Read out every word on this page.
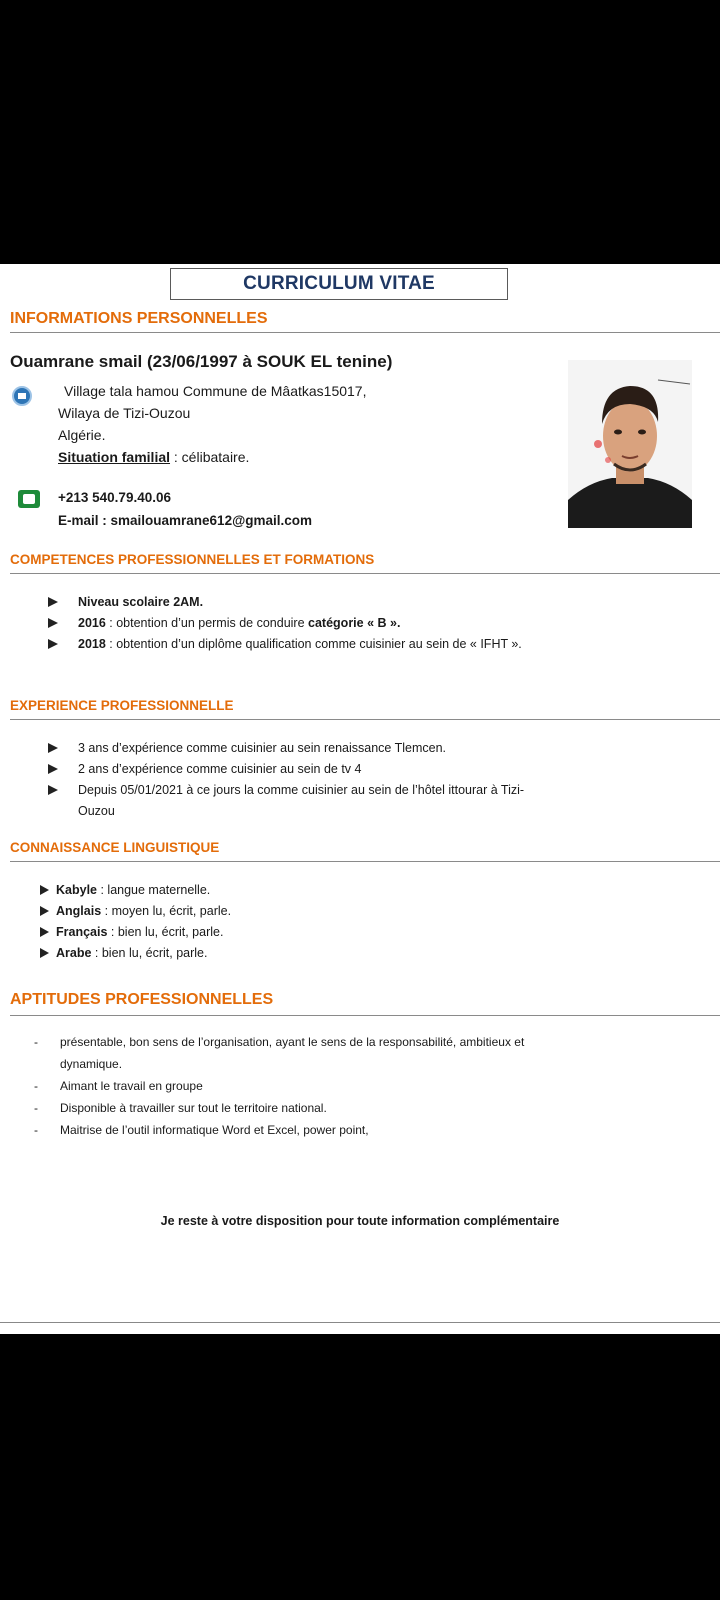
CURRICULUM VITAE
INFORMATIONS PERSONNELLES
Ouamrane smail (23/06/1997 à SOUK EL tenine)
Village tala hamou Commune de Mâatkas15017,
Wilaya de Tizi-Ouzou
Algérie.
Situation familial : célibataire.
+213 540.79.40.06
E-mail : smailouamrane612@gmail.com
COMPETENCES PROFESSIONNELLES ET FORMATIONS
Niveau scolaire 2AM.
2016 : obtention d’un permis de conduire catégorie « B ».
2018 : obtention d’un diplôme qualification comme cuisinier au sein de « IFHT ».
EXPERIENCE PROFESSIONNELLE
3 ans d’expérience comme cuisinier au sein renaissance Tlemcen.
2 ans d’expérience comme cuisinier au sein de tv 4
Depuis 05/01/2021 à ce jours la comme cuisinier au sein de l’hôtel ittourar à Tizi-
Ouzou
CONNAISSANCE LINGUISTIQUE
Kabyle : langue maternelle.
Anglais : moyen lu, écrit, parle.
Français : bien lu, écrit, parle.
Arabe : bien lu, écrit, parle.
APTITUDES PROFESSIONNELLES
- présentable, bon sens de l’organisation, ayant le sens de la responsabilité, ambitieux et
dynamique.
- Aimant le travail en groupe
- Disponible à travailler sur tout le territoire national.
- Maitrise de l’outil informatique Word et Excel, power point,
Je reste à votre disposition pour toute information complémentaire
